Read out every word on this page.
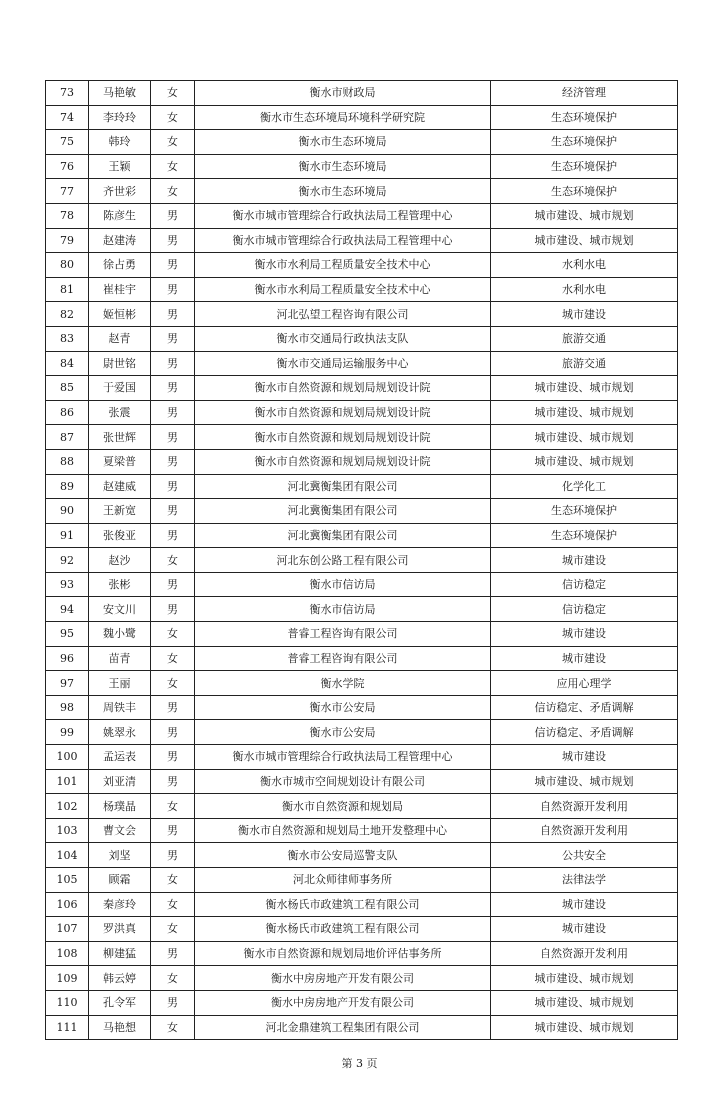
73	马艳敏	女	衡水市财政局	经济管理
74	李玲玲	女	衡水市生态环境局环境科学研究院	生态环境保护
75	韩玲	女	衡水市生态环境局	生态环境保护
76	王颖	女	衡水市生态环境局	生态环境保护
77	齐世彩	女	衡水市生态环境局	生态环境保护
78	陈彦生	男	衡水市城市管理综合行政执法局工程管理中心	城市建设、城市规划
79	赵建涛	男	衡水市城市管理综合行政执法局工程管理中心	城市建设、城市规划
80	徐占勇	男	衡水市水利局工程质量安全技术中心	水利水电
81	崔桂宇	男	衡水市水利局工程质量安全技术中心	水利水电
82	姬恒彬	男	河北弘望工程咨询有限公司	城市建设
83	赵青	男	衡水市交通局行政执法支队	旅游交通
84	尉世铭	男	衡水市交通局运输服务中心	旅游交通
85	于爱国	男	衡水市自然资源和规划局规划设计院	城市建设、城市规划
86	张震	男	衡水市自然资源和规划局规划设计院	城市建设、城市规划
87	张世辉	男	衡水市自然资源和规划局规划设计院	城市建设、城市规划
88	夏梁普	男	衡水市自然资源和规划局规划设计院	城市建设、城市规划
89	赵建威	男	河北冀衡集团有限公司	化学化工
90	王新宽	男	河北冀衡集团有限公司	生态环境保护
91	张俊亚	男	河北冀衡集团有限公司	生态环境保护
92	赵沙	女	河北东创公路工程有限公司	城市建设
93	张彬	男	衡水市信访局	信访稳定
94	安文川	男	衡水市信访局	信访稳定
95	魏小鹭	女	普睿工程咨询有限公司	城市建设
96	苗青	女	普睿工程咨询有限公司	城市建设
97	王丽	女	衡水学院	应用心理学
98	周铁丰	男	衡水市公安局	信访稳定、矛盾调解
99	姚翠永	男	衡水市公安局	信访稳定、矛盾调解
100	孟运表	男	衡水市城市管理综合行政执法局工程管理中心	城市建设
101	刘亚清	男	衡水市城市空间规划设计有限公司	城市建设、城市规划
102	杨璞晶	女	衡水市自然资源和规划局	自然资源开发利用
103	曹文会	男	衡水市自然资源和规划局土地开发整理中心	自然资源开发利用
104	刘坚	男	衡水市公安局巡警支队	公共安全
105	顾霜	女	河北众师律师事务所	法律法学
106	秦彦玲	女	衡水杨氏市政建筑工程有限公司	城市建设
107	罗洪真	女	衡水杨氏市政建筑工程有限公司	城市建设
108	柳建猛	男	衡水市自然资源和规划局地价评估事务所	自然资源开发利用
109	韩云婷	女	衡水中房房地产开发有限公司	城市建设、城市规划
110	孔令军	男	衡水中房房地产开发有限公司	城市建设、城市规划
111	马艳想	女	河北金鼎建筑工程集团有限公司	城市建设、城市规划
第 3 页
